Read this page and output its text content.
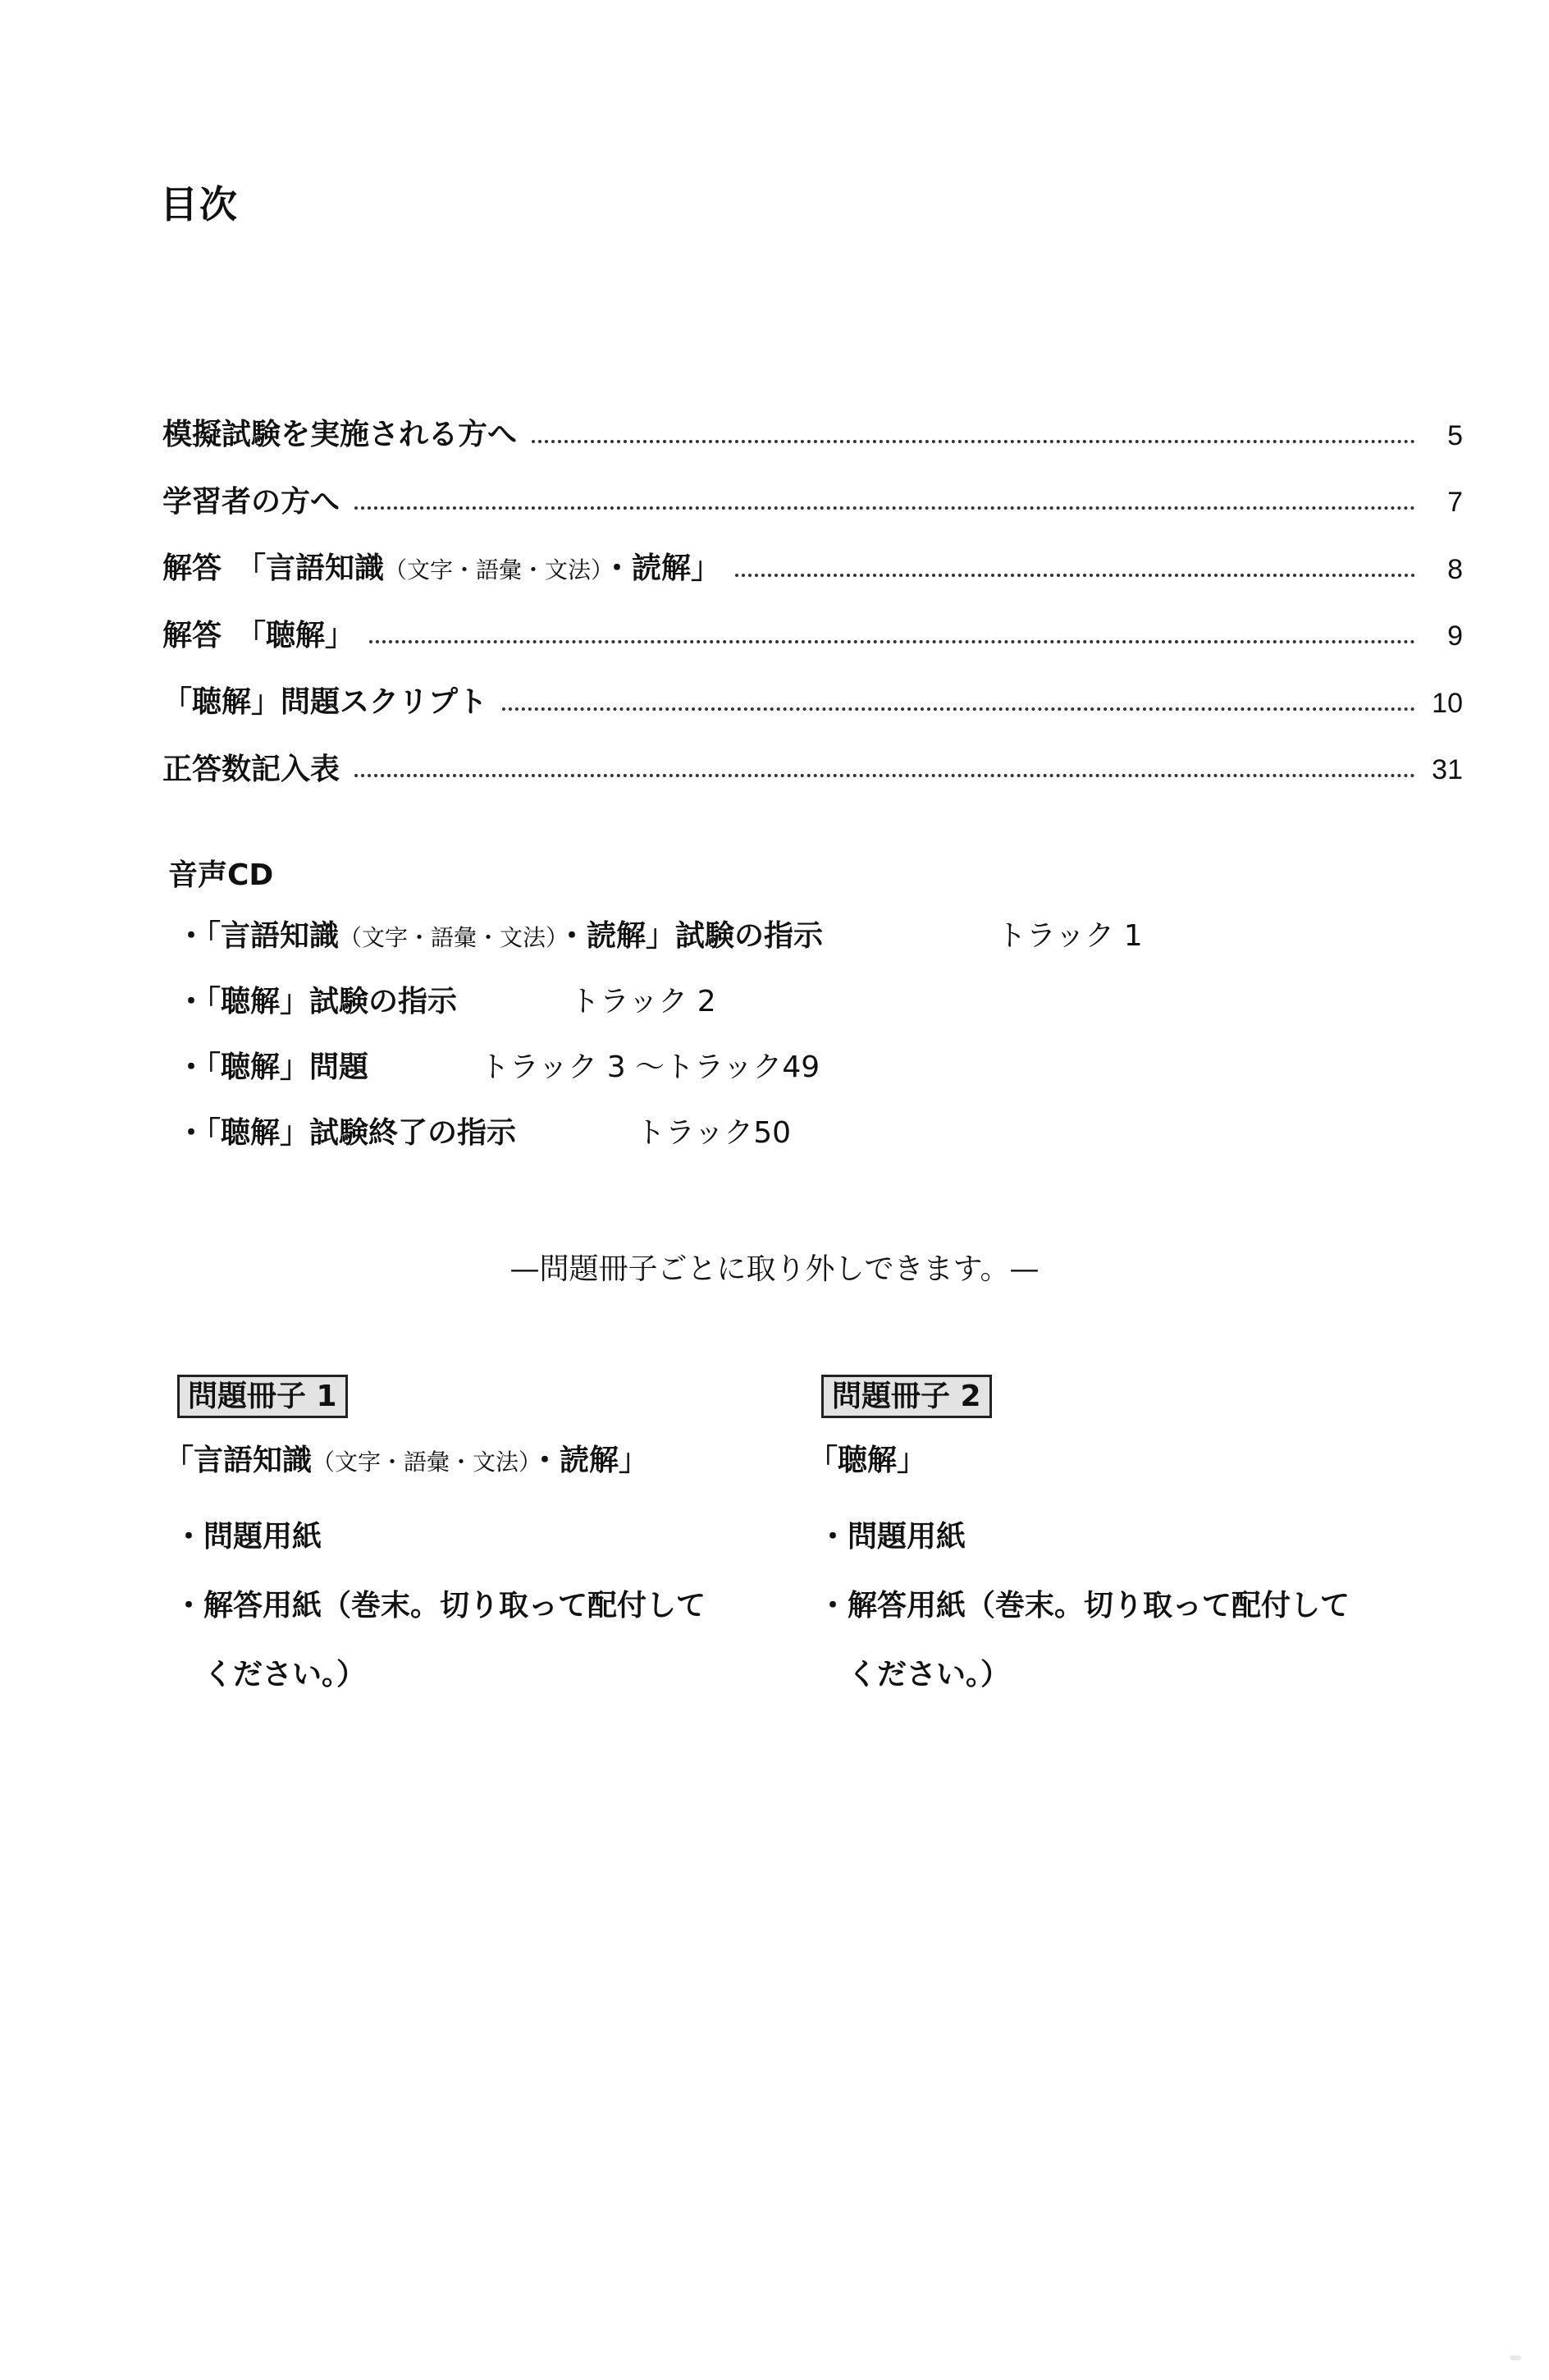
目次
模擬試験を実施される方へ	5
学習者の方へ	7
解答　「言語知識（文字・語彙・文法）・読解」	8
解答　「聴解」	9
「聴解」問題スクリプト	10
正答数記入表	31
音声CD
・「言語知識（文字・語彙・文法）・読解」試験の指示	トラック 1
・「聴解」試験の指示	トラック 2
・「聴解」問題	トラック 3 ～トラック49
・「聴解」試験終了の指示	トラック50
—問題冊子ごとに取り外しできます。—
問題冊子 1
「言語知識（文字・語彙・文法）・読解」
・問題用紙
・解答用紙（巻末。切り取って配付して
ください。）
問題冊子 2
「聴解」
・問題用紙
・解答用紙（巻末。切り取って配付して
ください。）
